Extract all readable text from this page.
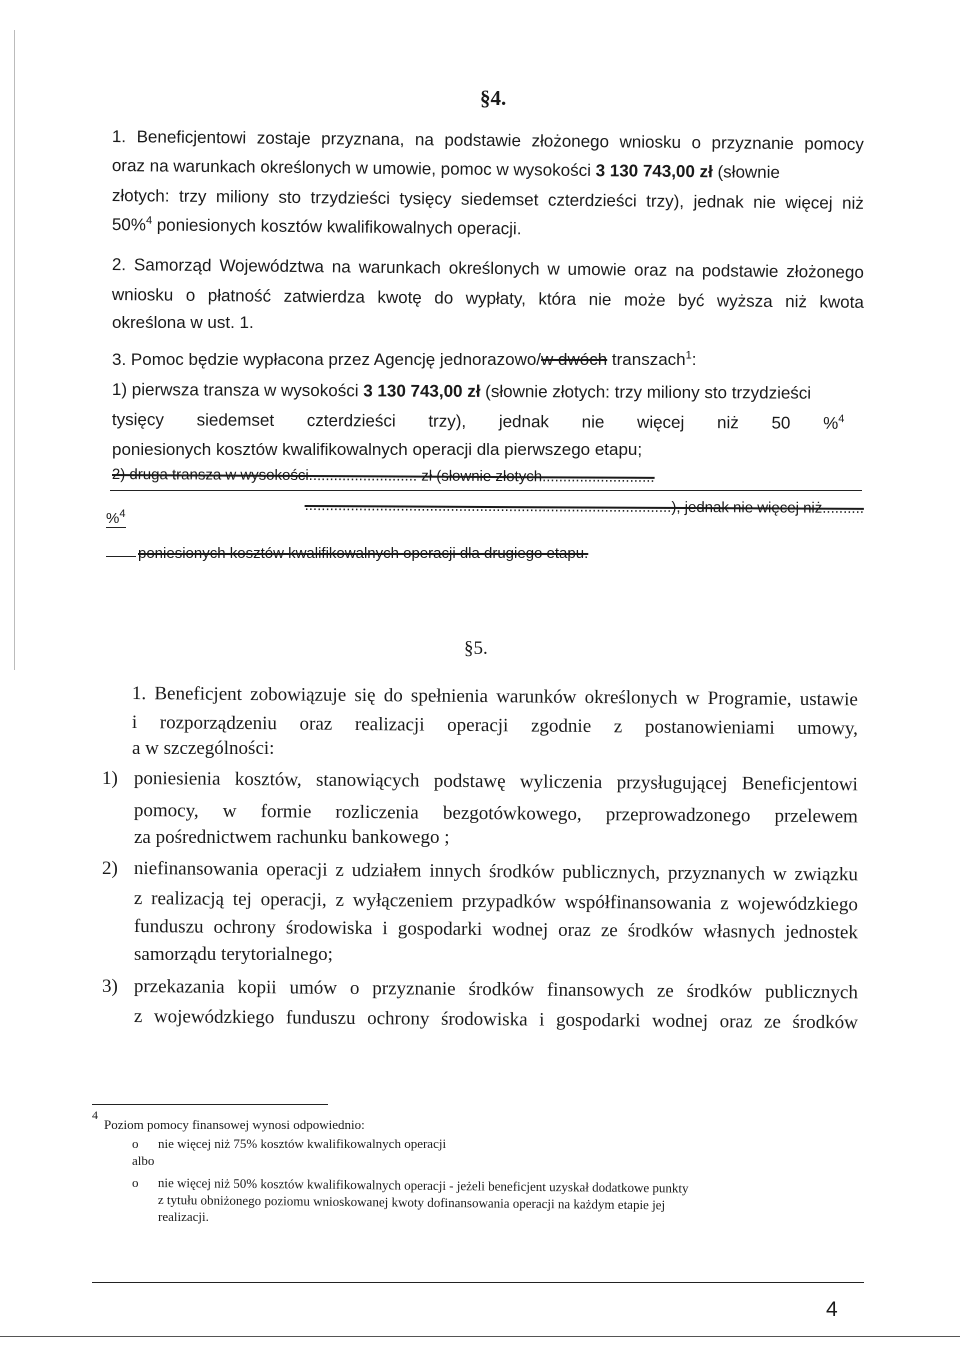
§4.
1. Beneficjentowi zostaje przyznana, na podstawie złożonego wniosku o przyznanie pomocy
oraz na warunkach określonych w umowie, pomoc w wysokości 3 130 743,00 zł (słownie
złotych: trzy miliony sto trzydzieści tysięcy siedemset czterdzieści trzy), jednak nie więcej niż
50%$^4$ poniesionych kosztów kwalifikowalnych operacji.
2. Samorząd Województwa na warunkach określonych w umowie oraz na podstawie złożonego
wniosku o płatność zatwierdza kwotę do wypłaty, która nie może być wyższa niż kwota
określona w ust. 1.
3. Pomoc będzie wypłacona przez Agencję jednorazowo/w dwóch transzach$^1$:
1) pierwsza transza w wysokości 3 130 743,00 zł (słownie złotych: trzy miliony sto trzydzieści
tysięcy siedemset czterdzieści trzy), jednak nie więcej niż 50 %$^4$
poniesionych kosztów kwalifikowalnych operacji dla pierwszego etapu;
2) druga transza w wysokości.......................... zł (słownie złotych...........................
........................................................................................), jednak nie więcej niż..........
%$^4$
poniesionych kosztów kwalifikowalnych operacji dla drugiego etapu.
§5.
1. Beneficjent zobowiązuje się do spełnienia warunków określonych w Programie, ustawie
i rozporządzeniu oraz realizacji operacji zgodnie z postanowieniami umowy,
a w szczególności:
1) poniesienia kosztów, stanowiących podstawę wyliczenia przysługującej Beneficjentowi
pomocy, w formie rozliczenia bezgotówkowego, przeprowadzonego przelewem
za pośrednictwem rachunku bankowego ;
2) niefinansowania operacji z udziałem innych środków publicznych, przyznanych w związku
z realizacją tej operacji, z wyłączeniem przypadków współfinansowania z wojewódzkiego
funduszu ochrony środowiska i gospodarki wodnej oraz ze środków własnych jednostek
samorządu terytorialnego;
3) przekazania kopii umów o przyznanie środków finansowych ze środków publicznych
z wojewódzkiego funduszu ochrony środowiska i gospodarki wodnej oraz ze środków
4
Poziom pomocy finansowej wynosi odpowiednio:
o nie więcej niż 75% kosztów kwalifikowalnych operacji
albo
o nie więcej niż 50% kosztów kwalifikowalnych operacji - jeżeli beneficjent uzyskał dodatkowe punkty
z tytułu obniżonego poziomu wnioskowanej kwoty dofinansowania operacji na każdym etapie jej
realizacji.
4
